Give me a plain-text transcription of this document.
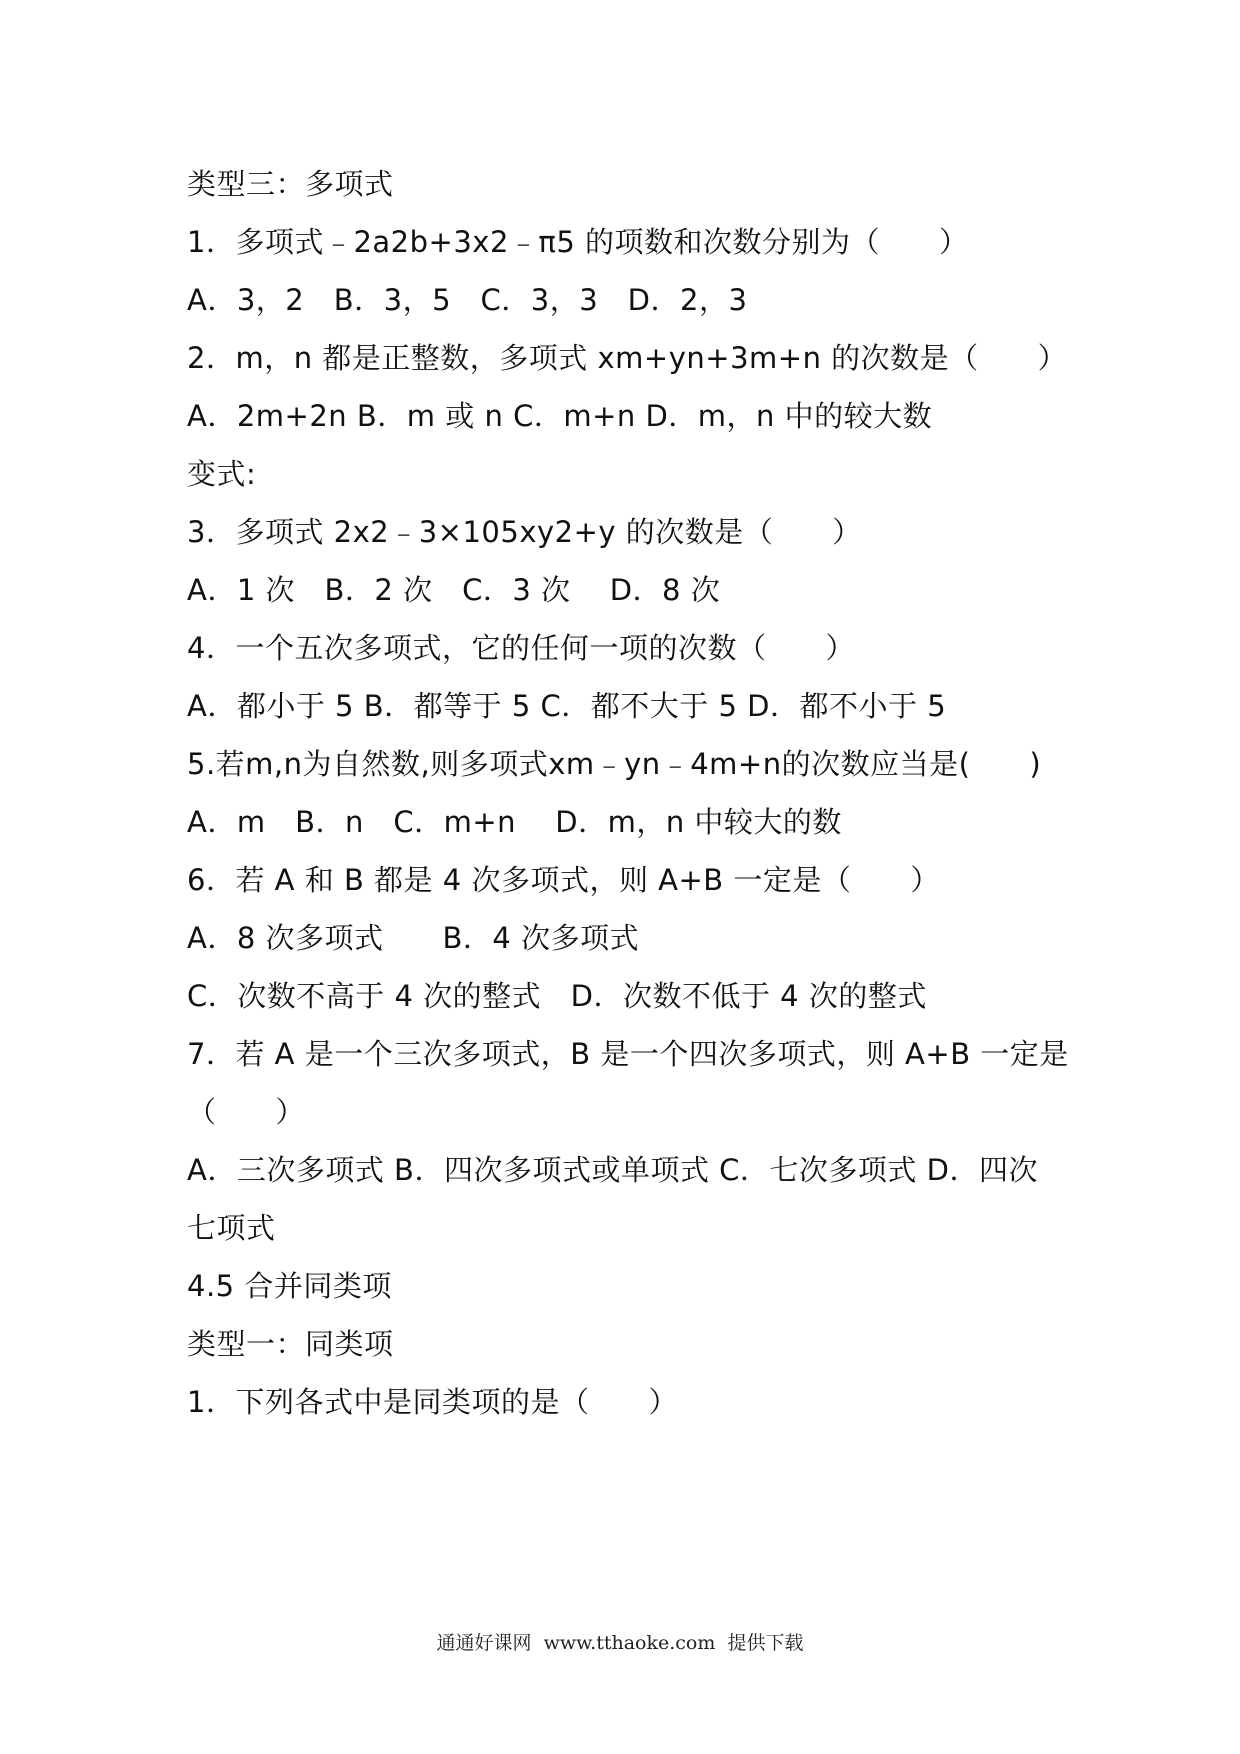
类型三：多项式
1．多项式﹣2a2b+3x2﹣π5 的项数和次数分别为（　　）
A．3，2　B．3，5　C．3，3　D．2，3
2．m，n 都是正整数，多项式 xm+yn+3m+n 的次数是（　　）
A．2m+2n B．m 或 n C．m+n D．m，n 中的较大数
变式:
3．多项式 2x2﹣3×105xy2+y 的次数是（　　）
A．1 次　B．2 次　C．3 次　 D．8 次
4．一个五次多项式，它的任何一项的次数（　　）
A．都小于 5 B．都等于 5 C．都不大于 5 D．都不小于 5
5.若m,n为自然数,则多项式xm﹣yn﹣4m+n的次数应当是(　　)
A．m　B．n　C．m+n　 D．m，n 中较大的数
6．若 A 和 B 都是 4 次多项式，则 A+B 一定是（　　）
A．8 次多项式　　B．4 次多项式
C．次数不高于 4 次的整式　D．次数不低于 4 次的整式
7．若 A 是一个三次多项式，B 是一个四次多项式，则 A+B 一定是
（　　）
A．三次多项式 B．四次多项式或单项式 C．七次多项式 D．四次
七项式
4.5 合并同类项
类型一：同类项
1．下列各式中是同类项的是（　　）
通通好课网  www.tthaoke.com  提供下载
